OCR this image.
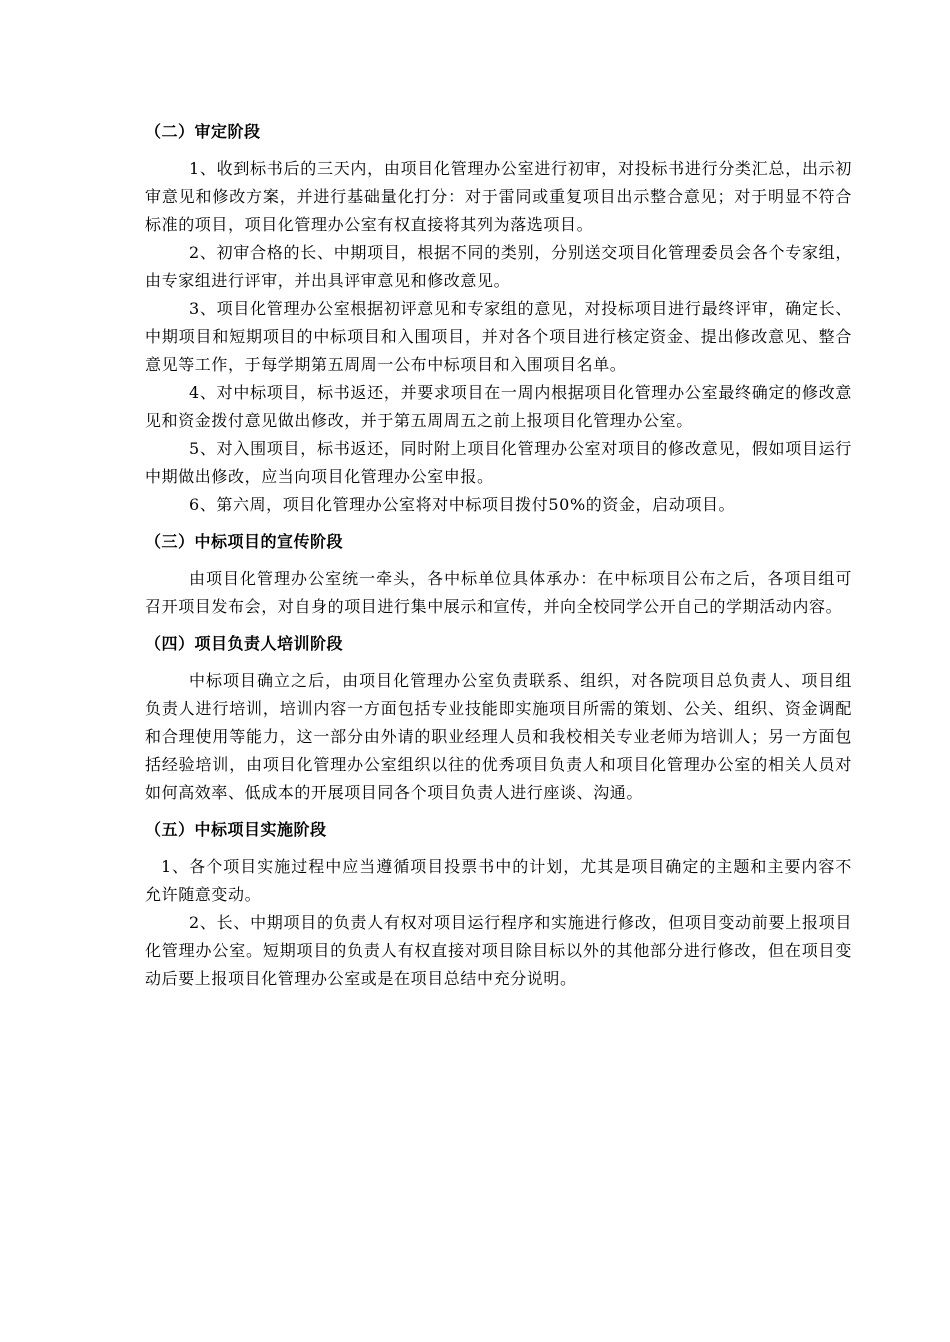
（二）审定阶段

1、收到标书后的三天内，由项目化管理办公室进行初审，对投标书进行分类汇总，出示初审意见和修改方案，并进行基础量化打分：对于雷同或重复项目出示整合意见；对于明显不符合标准的项目，项目化管理办公室有权直接将其列为落选项目。

2、初审合格的长、中期项目，根据不同的类别，分别送交项目化管理委员会各个专家组，由专家组进行评审，并出具评审意见和修改意见。

3、项目化管理办公室根据初评意见和专家组的意见，对投标项目进行最终评审，确定长、中期项目和短期项目的中标项目和入围项目，并对各个项目进行核定资金、提出修改意见、整合意见等工作，于每学期第五周周一公布中标项目和入围项目名单。

4、对中标项目，标书返还，并要求项目在一周内根据项目化管理办公室最终确定的修改意见和资金拨付意见做出修改，并于第五周周五之前上报项目化管理办公室。

5、对入围项目，标书返还，同时附上项目化管理办公室对项目的修改意见，假如项目运行中期做出修改，应当向项目化管理办公室申报。

6、第六周，项目化管理办公室将对中标项目拨付50%的资金，启动项目。

（三）中标项目的宣传阶段

由项目化管理办公室统一牵头，各中标单位具体承办：在中标项目公布之后，各项目组可召开项目发布会，对自身的项目进行集中展示和宣传，并向全校同学公开自己的学期活动内容。

（四）项目负责人培训阶段

中标项目确立之后，由项目化管理办公室负责联系、组织，对各院项目总负责人、项目组负责人进行培训，培训内容一方面包括专业技能即实施项目所需的策划、公关、组织、资金调配和合理使用等能力，这一部分由外请的职业经理人员和我校相关专业老师为培训人；另一方面包括经验培训，由项目化管理办公室组织以往的优秀项目负责人和项目化管理办公室的相关人员对如何高效率、低成本的开展项目同各个项目负责人进行座谈、沟通。

（五）中标项目实施阶段

1、各个项目实施过程中应当遵循项目投票书中的计划，尤其是项目确定的主题和主要内容不允许随意变动。

2、长、中期项目的负责人有权对项目运行程序和实施进行修改，但项目变动前要上报项目化管理办公室。短期项目的负责人有权直接对项目除目标以外的其他部分进行修改，但在项目变动后要上报项目化管理办公室或是在项目总结中充分说明。
